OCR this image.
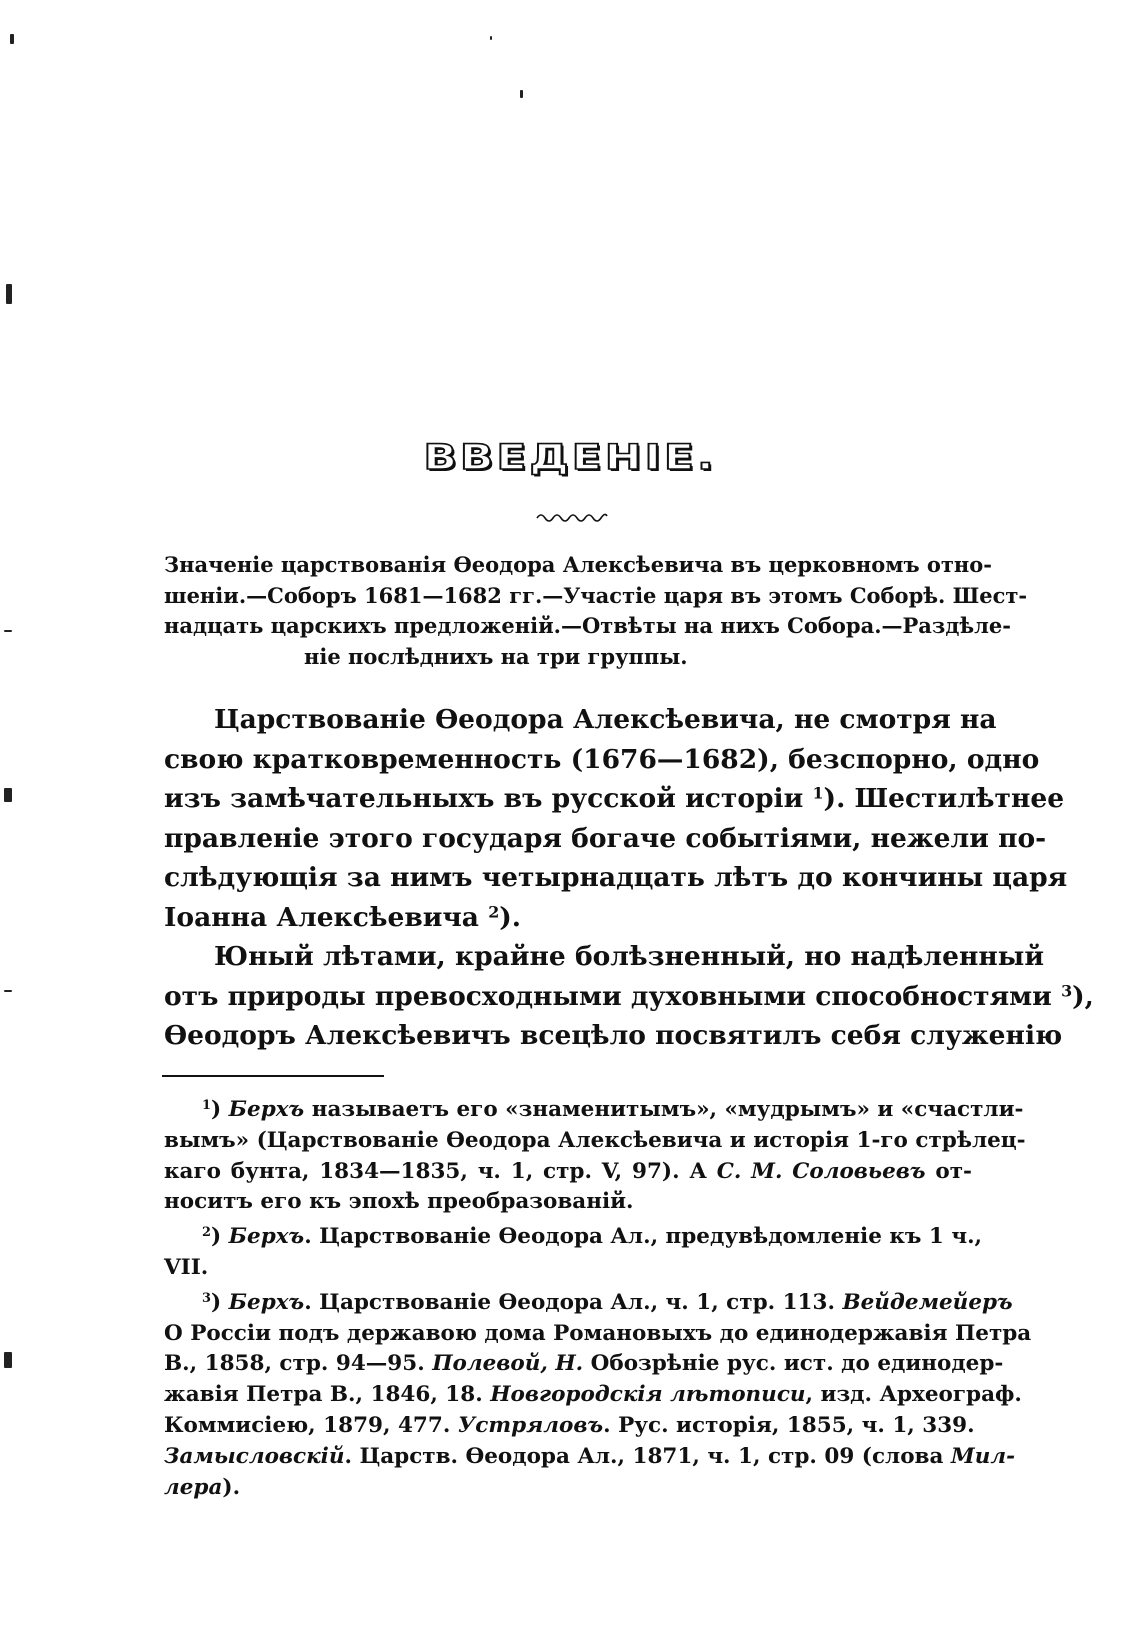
ВВЕДЕНІЕ.
Значеніе царствованія Өеодора Алексѣевича въ церковномъ отно-
шеніи.—Соборъ 1681—1682 гг.—Участіе царя въ этомъ Соборѣ. Шест-
надцать царскихъ предложеній.—Отвѣты на нихъ Собора.—Раздѣле-
ніе послѣднихъ на три группы.
Царствованіе Өеодора Алексѣевича, не смотря на
свою кратковременность (1676—1682), безспорно, одно
изъ замѣчательныхъ въ русской исторіи $^1$). Шестилѣтнее
правленіе этого государя богаче событіями, нежели по-
слѣдующія за нимъ четырнадцать лѣтъ до кончины царя
Іоанна Алексѣевича $^2$).
Юный лѣтами, крайне болѣзненный, но надѣленный
отъ природы превосходными духовными способностями $^3$),
Өеодоръ Алексѣевичъ всецѣло посвятилъ себя служенію
$^1$) Берхъ называетъ его «знаменитымъ», «мудрымъ» и «счастли-
вымъ» (Царствованіе Өеодора Алексѣевича и исторія 1-го стрѣлец-
каго бунта, 1834—1835, ч. 1, стр. V, 97). А С. М. Соловьевъ от-
носитъ его къ эпохѣ преобразованій.
$^2$) Берхъ. Царствованіе Өеодора Ал., предувѣдомленіе къ 1 ч.,
VII.
$^3$) Берхъ. Царствованіе Өеодора Ал., ч. 1, стр. 113. Вейдемейеръ
О Россіи подъ державою дома Романовыхъ до единодержавія Петра
В., 1858, стр. 94—95. Полевой, Н. Обозрѣніе рус. ист. до единодер-
жавія Петра В., 1846, 18. Новгородскія лѣтописи, изд. Археограф.
Коммисіею, 1879, 477. Устряловъ. Рус. исторія, 1855, ч. 1, 339.
Замысловскій. Царств. Өеодора Ал., 1871, ч. 1, стр. 09 (слова Мил-
лера).
